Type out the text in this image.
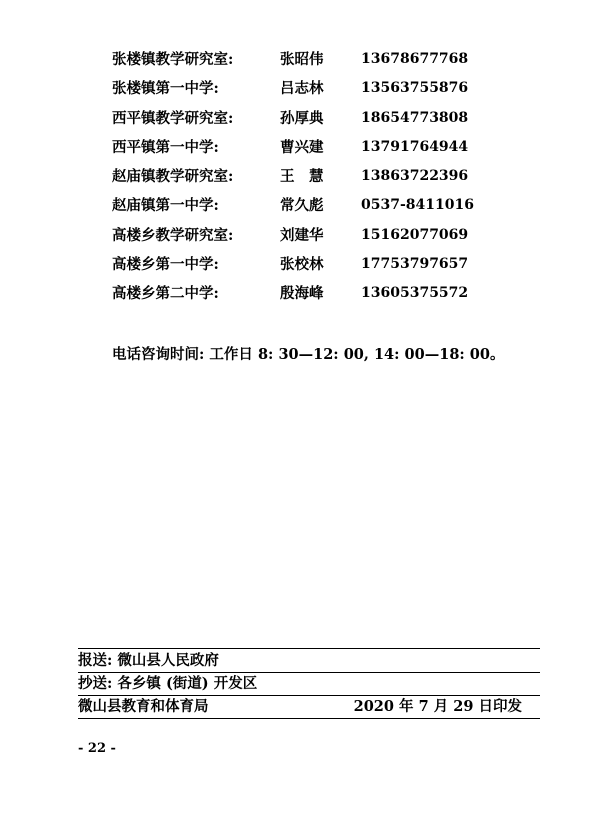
张楼镇教学研究室:	张昭伟	13678677768
张楼镇第一中学:	吕志林	13563755876
西平镇教学研究室:	孙厚典	18654773808
西平镇第一中学:	曹兴建	13791764944
赵庙镇教学研究室:	王　慧	13863722396
赵庙镇第一中学:	常久彪	0537-8411016
高楼乡教学研究室:	刘建华	15162077069
高楼乡第一中学:	张校林	17753797657
高楼乡第二中学:	殷海峰	13605375572
电话咨询时间: 工作日 8: 30—12: 00, 14: 00—18: 00。
报送: 微山县人民政府
抄送: 各乡镇 (街道) 开发区
微山县教育和体育局	2020 年 7 月 29 日印发
- 22 -
